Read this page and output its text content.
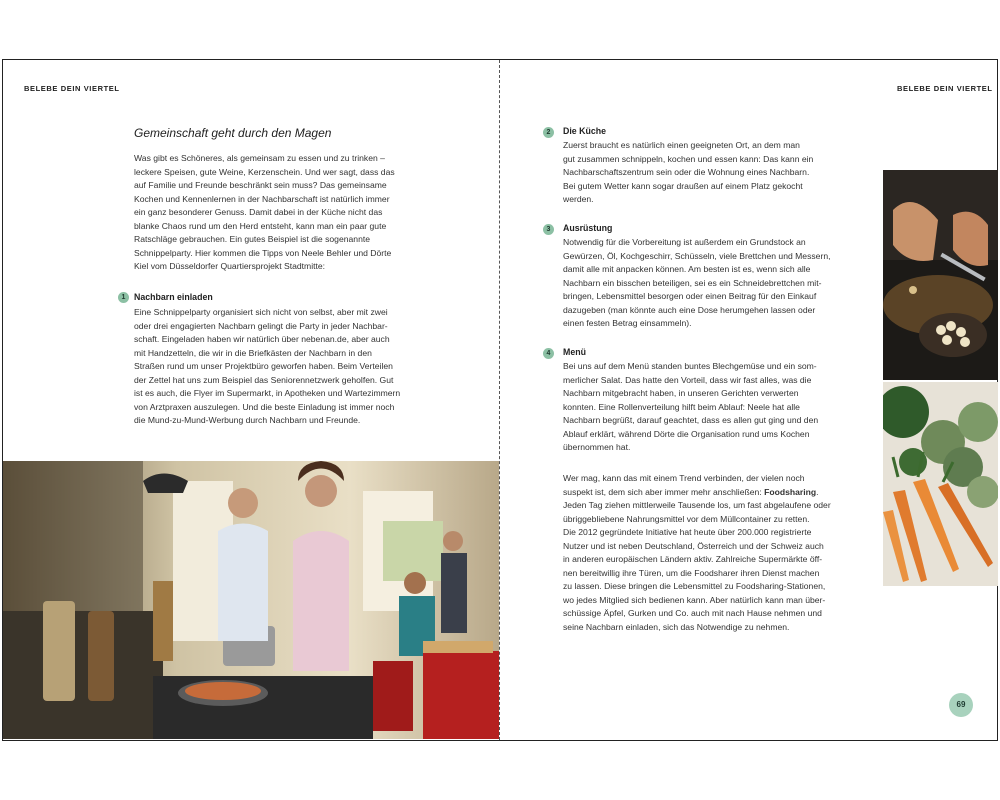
BELEBE DEIN VIERTEL
Gemeinschaft geht durch den Magen

Was gibt es Schöneres, als gemeinsam zu essen und zu trinken –
leckere Speisen, gute Weine, Kerzenschein. Und wer sagt, dass das
auf Familie und Freunde beschränkt sein muss? Das gemeinsame
Kochen und Kennenlernen in der Nachbarschaft ist natürlich immer
ein ganz besonderer Genuss. Damit dabei in der Küche nicht das
blanke Chaos rund um den Herd entsteht, kann man ein paar gute
Ratschläge gebrauchen. Ein gutes Beispiel ist die sogenannte
Schnippelparty. Hier kommen die Tipps von Neele Behler und Dörte
Kiel vom Düsseldorfer Quartiersprojekt Stadtmitte:

1 Nachbarn einladen

Eine Schnippelparty organisiert sich nicht von selbst, aber mit zwei
oder drei engagierten Nachbarn gelingt die Party in jeder Nachbar-
schaft. Eingeladen haben wir natürlich über nebenan.de, aber auch
mit Handzetteln, die wir in die Briefkästen der Nachbarn in den
Straßen rund um unser Projektbüro geworfen haben. Beim Verteilen
der Zettel hat uns zum Beispiel das Seniorennetzwerk geholfen. Gut
ist es auch, die Flyer im Supermarkt, in Apotheken und Wartezimmern
von Arztpraxen auszulegen. Und die beste Einladung ist immer noch
die Mund-zu-Mund-Werbung durch Nachbarn und Freunde.

BELEBE DEIN VIERTEL
2	Die Küche

Zuerst braucht es natürlich einen geeigneten Ort, an dem man
gut zusammen schnippeln, kochen und essen kann: Das kann ein
Nachbarschaftszentrum sein oder die Wohnung eines Nachbarn.
Bei gutem Wetter kann sogar draußen auf einem Platz gekocht
werden.

3	Ausrüstung

Notwendig für die Vorbereitung ist außerdem ein Grundstock an
Gewürzen, Öl, Kochgeschirr, Schüsseln, viele Brettchen und Messern,
damit alle mit anpacken können. Am besten ist es, wenn sich alle
Nachbarn ein bisschen beteiligen, sei es ein Schneidebrettchen mit-
bringen, Lebensmittel besorgen oder einen Beitrag für den Einkauf
dazugeben (man könnte auch eine Dose herumgehen lassen oder
einen festen Betrag einsammeln).

4	Menü

Bei uns auf dem Menü standen buntes Blechgemüse und ein som-
merlicher Salat. Das hatte den Vorteil, dass wir fast alles, was die
Nachbarn mitgebracht haben, in unseren Gerichten verwerten
konnten. Eine Rollenverteilung hilft beim Ablauf: Neele hat alle
Nachbarn begrüßt, darauf geachtet, dass es allen gut ging und den
Ablauf erklärt, während Dörte die Organisation rund ums Kochen
übernommen hat.

Wer mag, kann das mit einem Trend verbinden, der vielen noch
suspekt ist, dem sich aber immer mehr anschließen: Foodsharing.
Jeden Tag ziehen mittlerweile Tausende los, um fast abgelaufene oder
übriggebliebene Nahrungsmittel vor dem Müllcontainer zu retten.
Die 2012 gegründete Initiative hat heute über 200.000 registrierte
Nutzer und ist neben Deutschland, Österreich und der Schweiz auch
in anderen europäischen Ländern aktiv. Zahlreiche Supermärkte öff-
nen bereitwillig ihre Türen, um die Foodsharer ihren Dienst machen
zu lassen. Diese bringen die Lebensmittel zu Foodsharing-Stationen,
wo jedes Mitglied sich bedienen kann. Aber natürlich kann man über-
schüssige Äpfel, Gurken und Co. auch mit nach Hause nehmen und
seine Nachbarn einladen, sich das Notwendige zu nehmen.

69
